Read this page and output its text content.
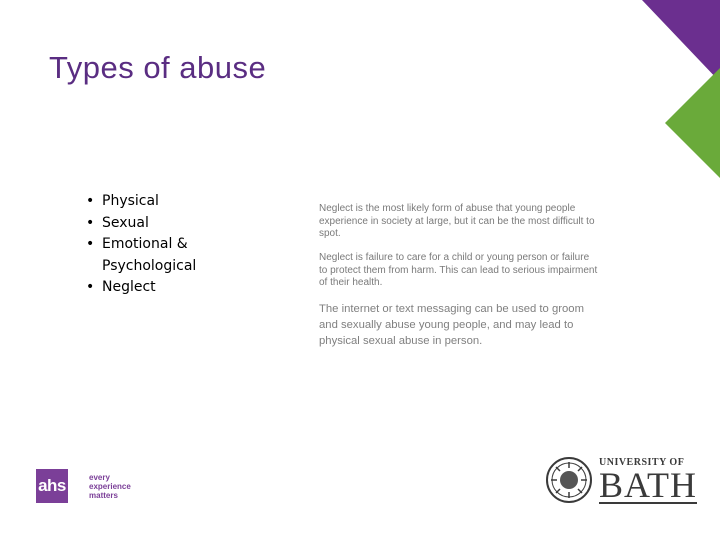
Types of abuse
• Physical
• Sexual
• Emotional & Psychological
• Neglect

Neglect is the most likely form of abuse that young people experience in society at large, but it can be the most difficult to spot.

Neglect is failure to care for a child or young person or failure to protect them from harm. This can lead to serious impairment of their health.

The internet or text messaging can be used to groom and sexually abuse young people, and may lead to physical sexual abuse in person.

ahs	every
experience
matters
UNIVERSITY OF
BATH
